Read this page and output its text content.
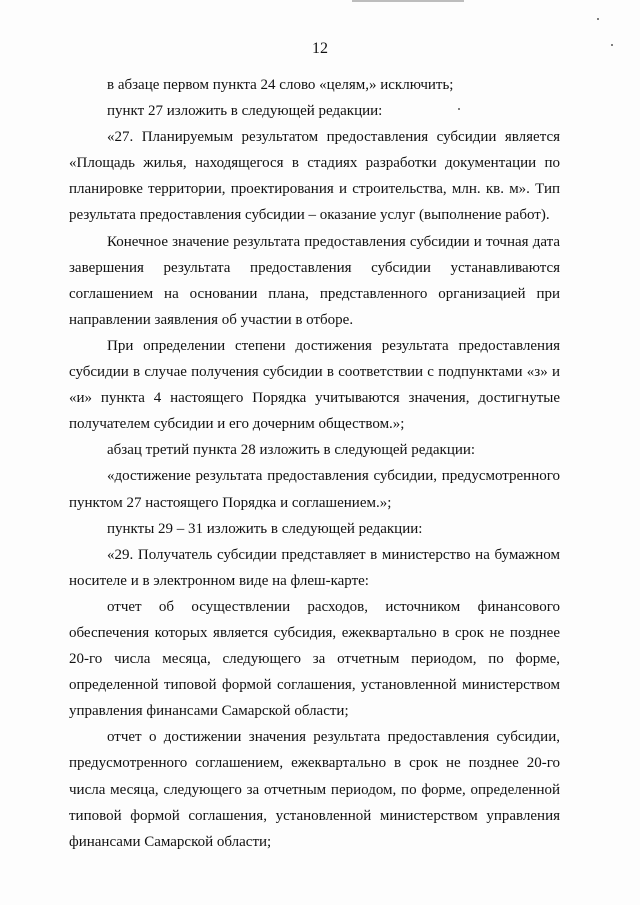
12

в абзаце первом пункта 24 слово «целям,» исключить;

пункт 27 изложить в следующей редакции:

«27. Планируемым результатом предоставления субсидии является «Площадь жилья, находящегося в стадиях разработки документации по планировке территории, проектирования и строительства, млн. кв. м». Тип результата предоставления субсидии – оказание услуг (выполнение работ).

Конечное значение результата предоставления субсидии и точная дата завершения результата предоставления субсидии устанавливаются соглашением на основании плана, представленного организацией при направлении заявления об участии в отборе.

При определении степени достижения результата предоставления субсидии в случае получения субсидии в соответствии с подпунктами «з» и «и» пункта 4 настоящего Порядка учитываются значения, достигнутые получателем субсидии и его дочерним обществом.»;

абзац третий пункта 28 изложить в следующей редакции:

«достижение результата предоставления субсидии, предусмотренного пунктом 27 настоящего Порядка и соглашением.»;

пункты 29 – 31 изложить в следующей редакции:

«29. Получатель субсидии представляет в министерство на бумажном носителе и в электронном виде на флеш-карте:

отчет об осуществлении расходов, источником финансового обеспечения которых является субсидия, ежеквартально в срок не позднее 20-го числа месяца, следующего за отчетным периодом, по форме, определенной типовой формой соглашения, установленной министерством управления финансами Самарской области;

отчет о достижении значения результата предоставления субсидии, предусмотренного соглашением, ежеквартально в срок не позднее 20-го числа месяца, следующего за отчетным периодом, по форме, определенной типовой формой соглашения, установленной министерством управления финансами Самарской области;
